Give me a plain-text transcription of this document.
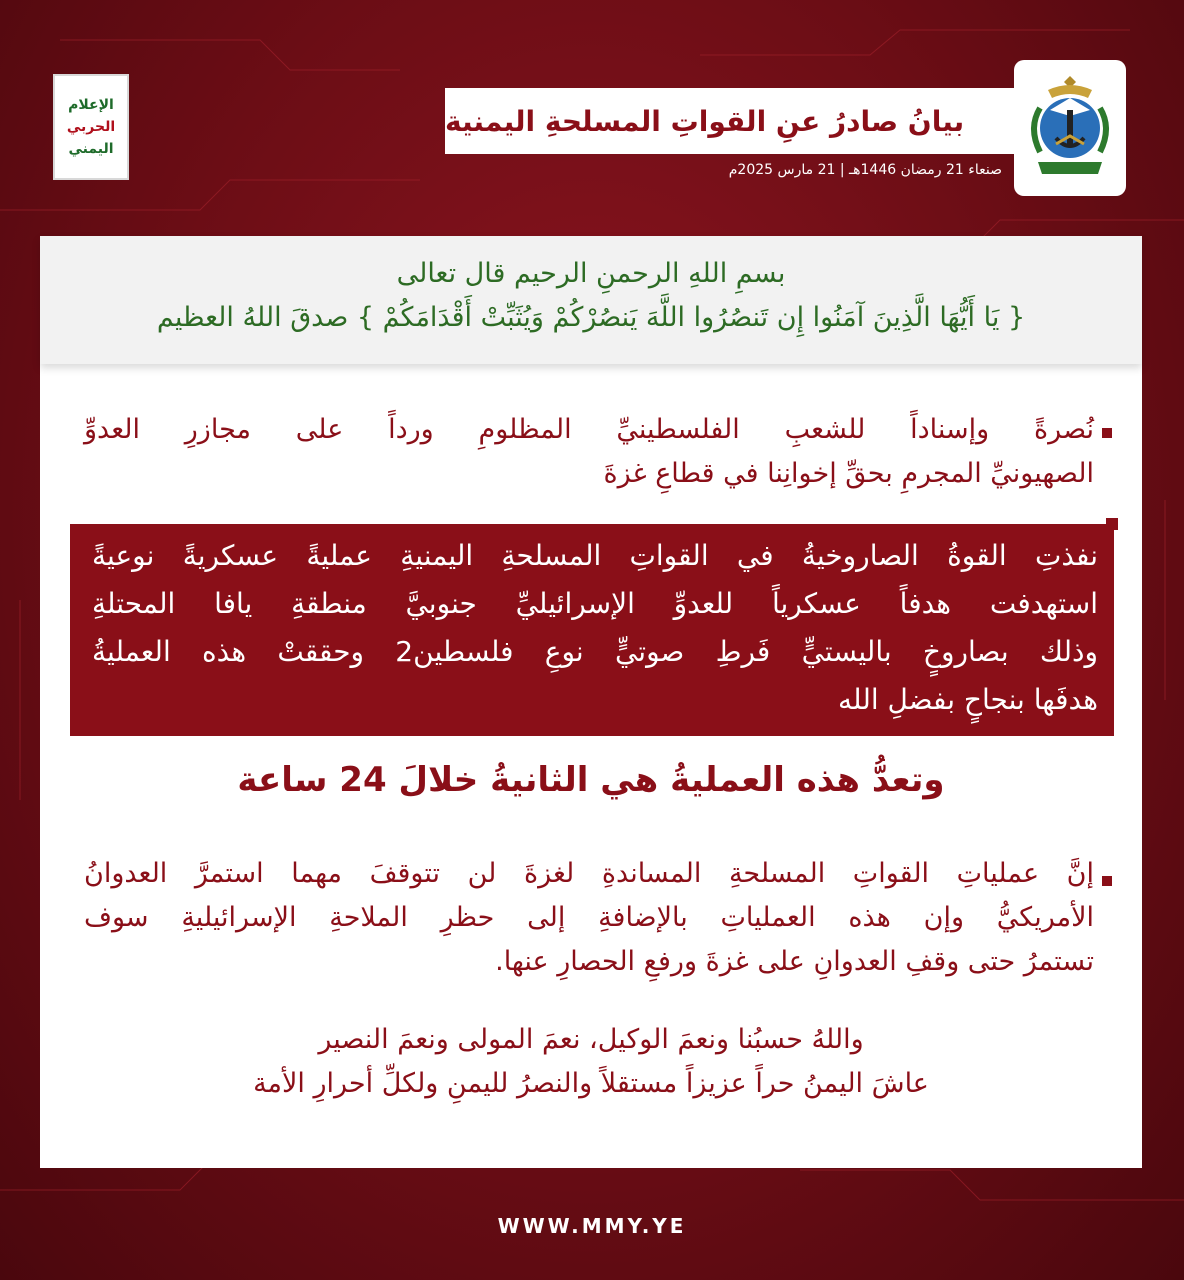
الإعلام
الحربي
اليمني
بيانُ صادرُ عنِ القواتِ المسلحةِ اليمنية
صنعاء 21 رمضان 1446هـ | 21 مارس 2025م
بسمِ اللهِ الرحمنِ الرحيم قال تعالى
{ يَا أَيُّهَا الَّذِينَ آمَنُوا إِن تَنصُرُوا اللَّهَ يَنصُرْكُمْ وَيُثَبِّتْ أَقْدَامَكُمْ } صدقَ اللهُ العظيم
نُصرةً وإسناداً للشعبِ الفلسطينيِّ المظلومِ ورداً على مجازرِ العدوِّ
الصهيونيِّ المجرمِ بحقِّ إخوانِنا في قطاعِ غزةَ
نفذتِ القوةُ الصاروخيةُ في القواتِ المسلحةِ اليمنيةِ عمليةً عسكريةً نوعيةً
استهدفت هدفاً عسكرياً للعدوِّ الإسرائيليِّ جنوبيَّ منطقةِ يافا المحتلةِ
وذلك بصاروخٍ باليستيٍّ فَرطِ صوتيٍّ نوعِ فلسطين2 وحققتْ هذه العمليةُ
هدفَها بنجاحٍ بفضلِ الله
وتعدُّ هذه العمليةُ هي الثانيةُ خلالَ 24 ساعة
إنَّ عملياتِ القواتِ المسلحةِ المساندةِ لغزةَ لن تتوقفَ مهما استمرَّ العدوانُ
الأمريكيُّ وإن هذه العملياتِ بالإضافةِ إلى حظرِ الملاحةِ الإسرائيليةِ سوف
تستمرُ حتى وقفِ العدوانِ على غزةَ ورفعِ الحصارِ عنها.
واللهُ حسبُنا ونعمَ الوكيل، نعمَ المولى ونعمَ النصير
عاشَ اليمنُ حراً عزيزاً مستقلاً والنصرُ لليمنِ ولكلِّ أحرارِ الأمة
WWW.MMY.YE
